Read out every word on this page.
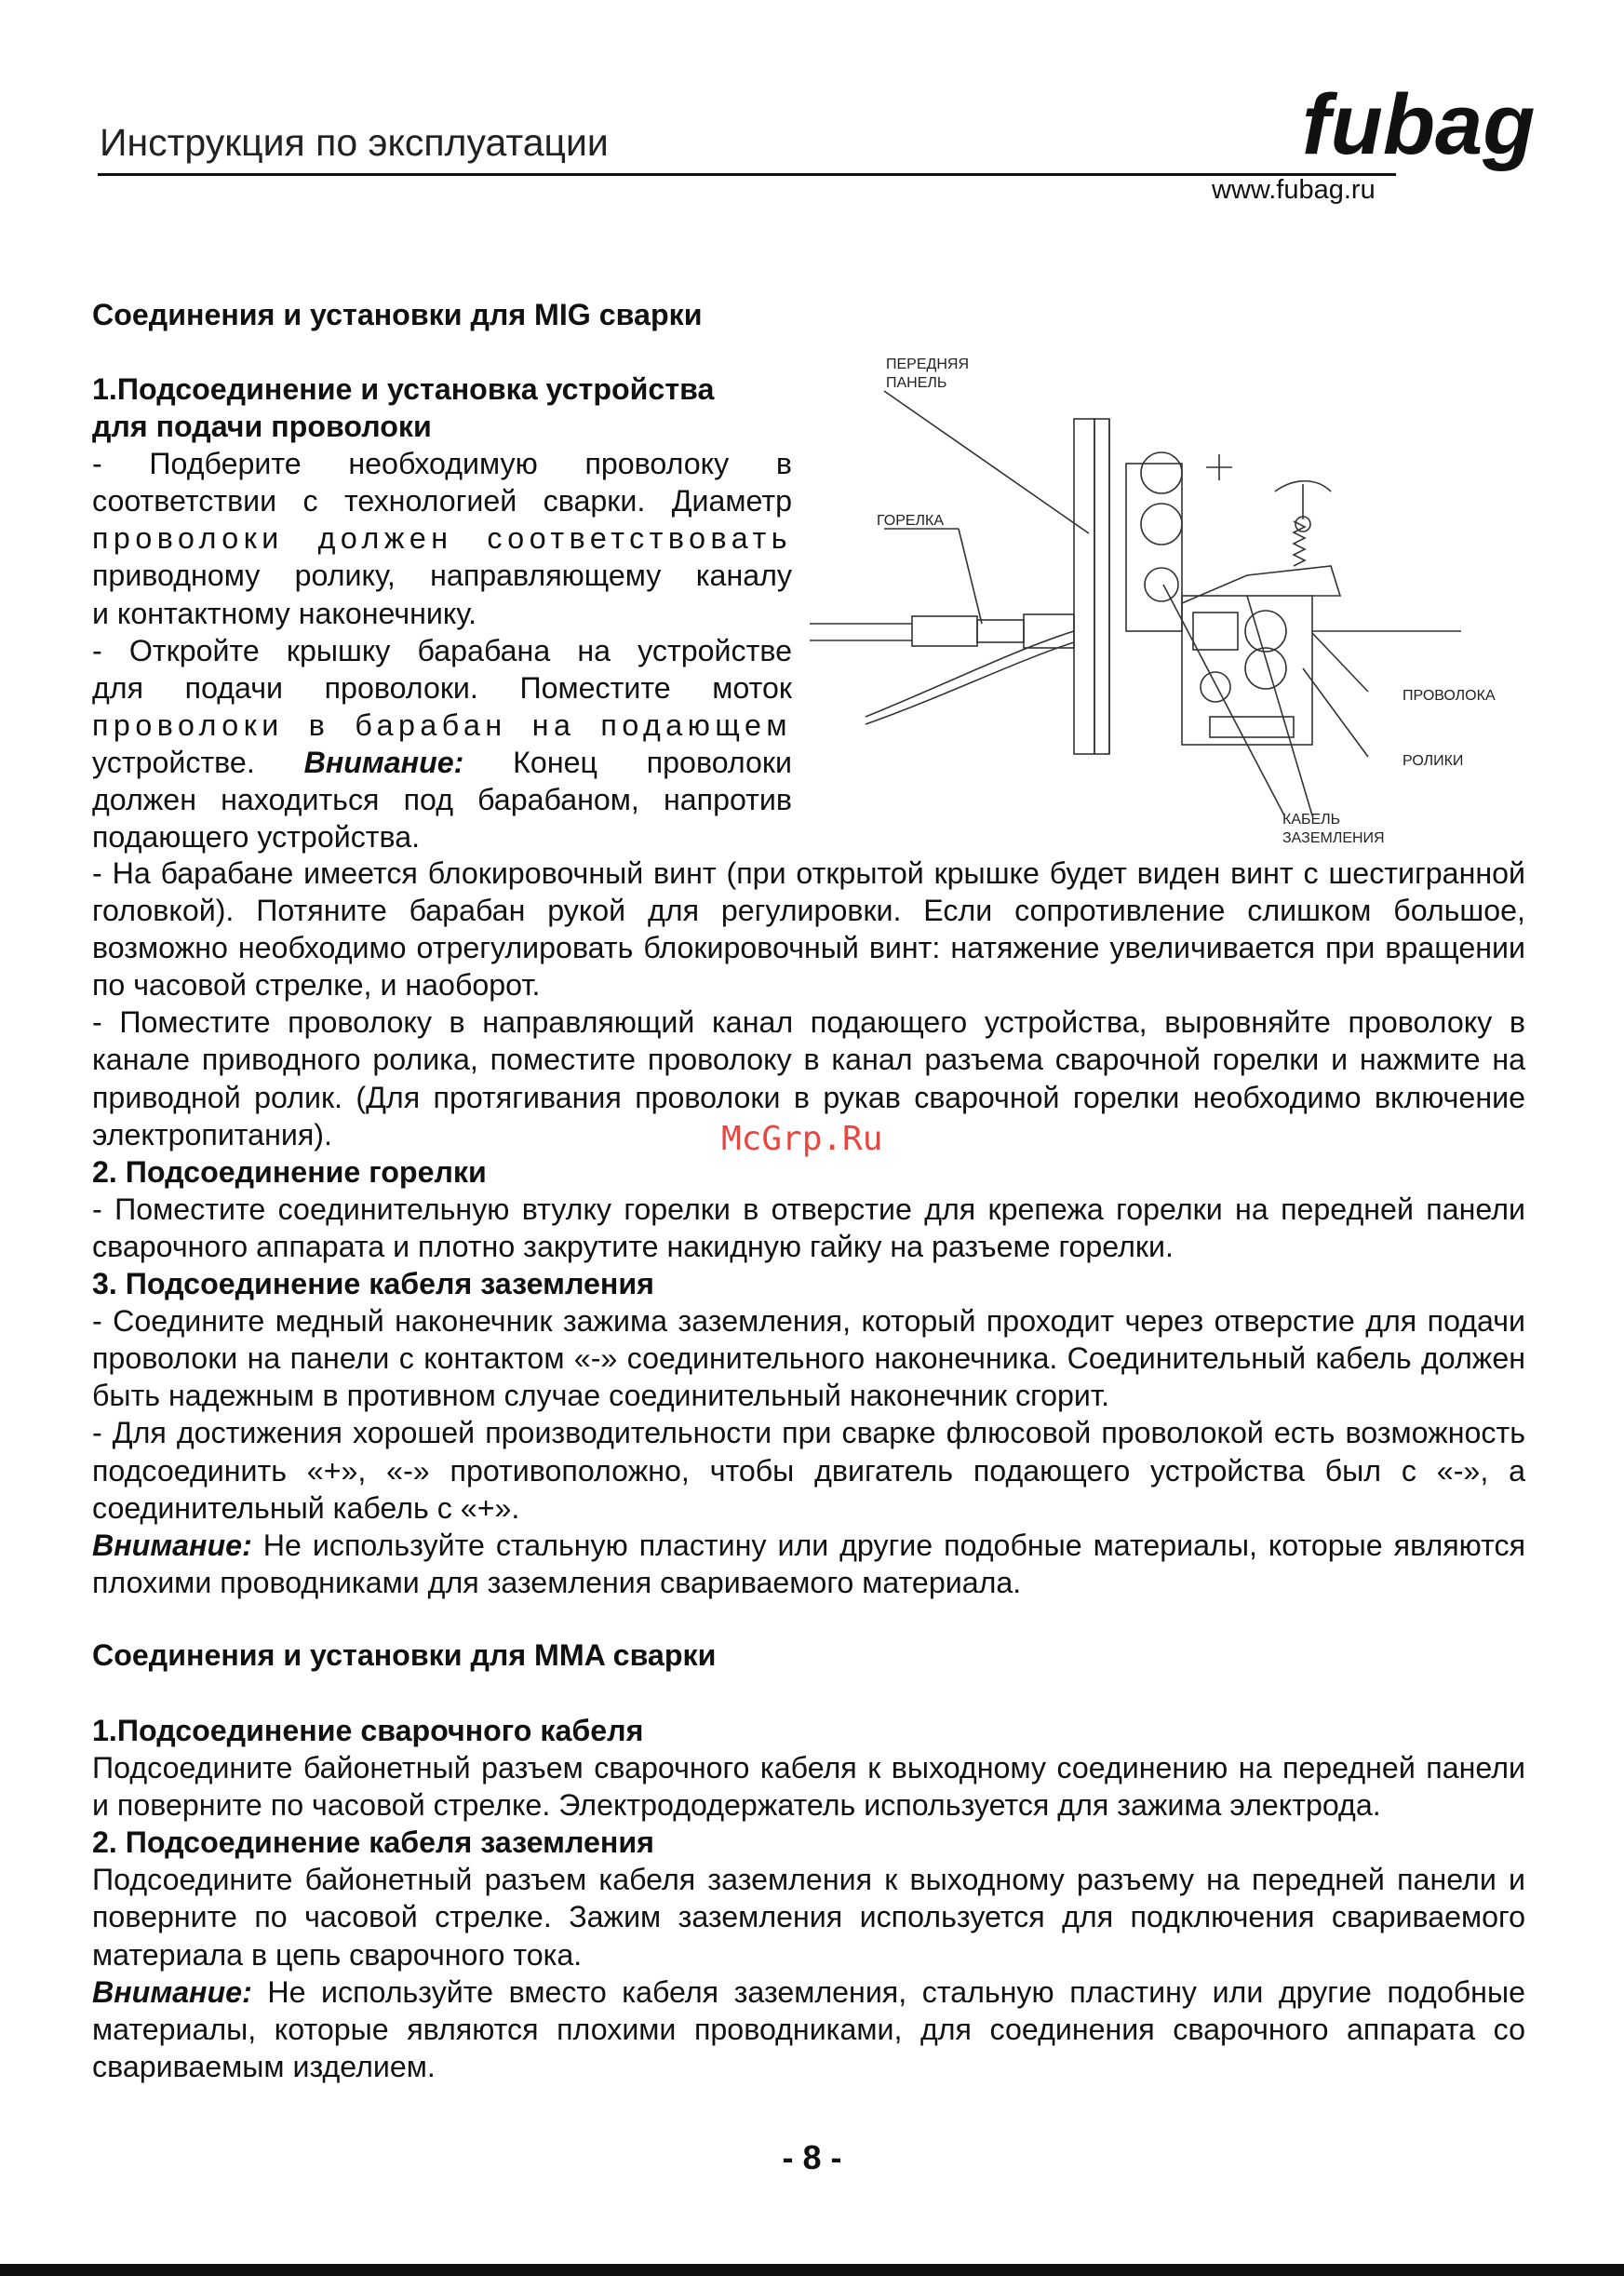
Инструкция по эксплуатации	fubag
www.fubag.ru
Соединения и установки для MIG сварки

1.Подсоединение и установка устройства

для подачи проволоки

- Подберите необходимую проволоку в

соответствии с технологией сварки. Диаметр

проволоки должен соответствовать

приводному ролику, направляющему каналу

и контактному наконечнику.

- Откройте крышку барабана на устройстве

для подачи проволоки. Поместите моток

проволоки в барабан на подающем

устройстве. Внимание: Конец проволоки

должен находиться под барабаном, напротив

подающего устройства.

- На барабане имеется блокировочный винт (при открытой крышке будет виден винт с шестигранной головкой). Потяните барабан рукой для регулировки. Если сопротивление слишком большое, возможно необходимо отрегулировать блокировочный винт: натяжение увеличивается при вращении по часовой стрелке, и наоборот.

- Поместите проволоку в направляющий канал подающего устройства, выровняйте проволоку в канале приводного ролика, поместите проволоку в канал разъема сварочной горелки и нажмите на приводной ролик. (Для протягивания проволоки в рукав сварочной горелки необходимо включение электропитания).

2. Подсоединение горелки

- Поместите соединительную втулку горелки в отверстие для крепежа горелки на передней панели сварочного аппарата и плотно закрутите накидную гайку на разъеме горелки.

3. Подсоединение кабеля заземления

- Соедините медный наконечник зажима заземления, который проходит через отверстие для подачи проволоки на панели с контактом «-» соединительного наконечника. Соединительный кабель должен быть надежным в противном случае соединительный наконечник сгорит.

- Для достижения хорошей производительности при сварке флюсовой проволокой есть возможность подсоединить «+», «-» противоположно, чтобы двигатель подающего устройства был с «-», а соединительный кабель с «+».

Внимание: Не используйте стальную пластину или другие подобные материалы, которые являются плохими проводниками для заземления свариваемого материала.

Соединения и установки для MMA сварки

1.Подсоединение сварочного кабеля

Подсоедините байонетный разъем сварочного кабеля к выходному соединению на передней панели и поверните по часовой стрелке. Электрододержатель используется для зажима электрода.

2. Подсоединение кабеля заземления

Подсоедините байонетный разъем кабеля заземления к выходному разъему на передней панели и поверните по часовой стрелке. Зажим заземления используется для подключения свариваемого материала в цепь сварочного тока.

Внимание: Не используйте вместо кабеля заземления, стальную пластину или другие подобные материалы, которые являются плохими проводниками, для соединения сварочного аппарата со свариваемым изделием.

ПЕРЕДНЯЯ
ПАНЕЛЬ
ГОРЕЛКА
ПРОВОЛОКА
РОЛИКИ
КАБЕЛЬ
ЗАЗЕМЛЕНИЯ
McGrp.Ru
- 8 -
